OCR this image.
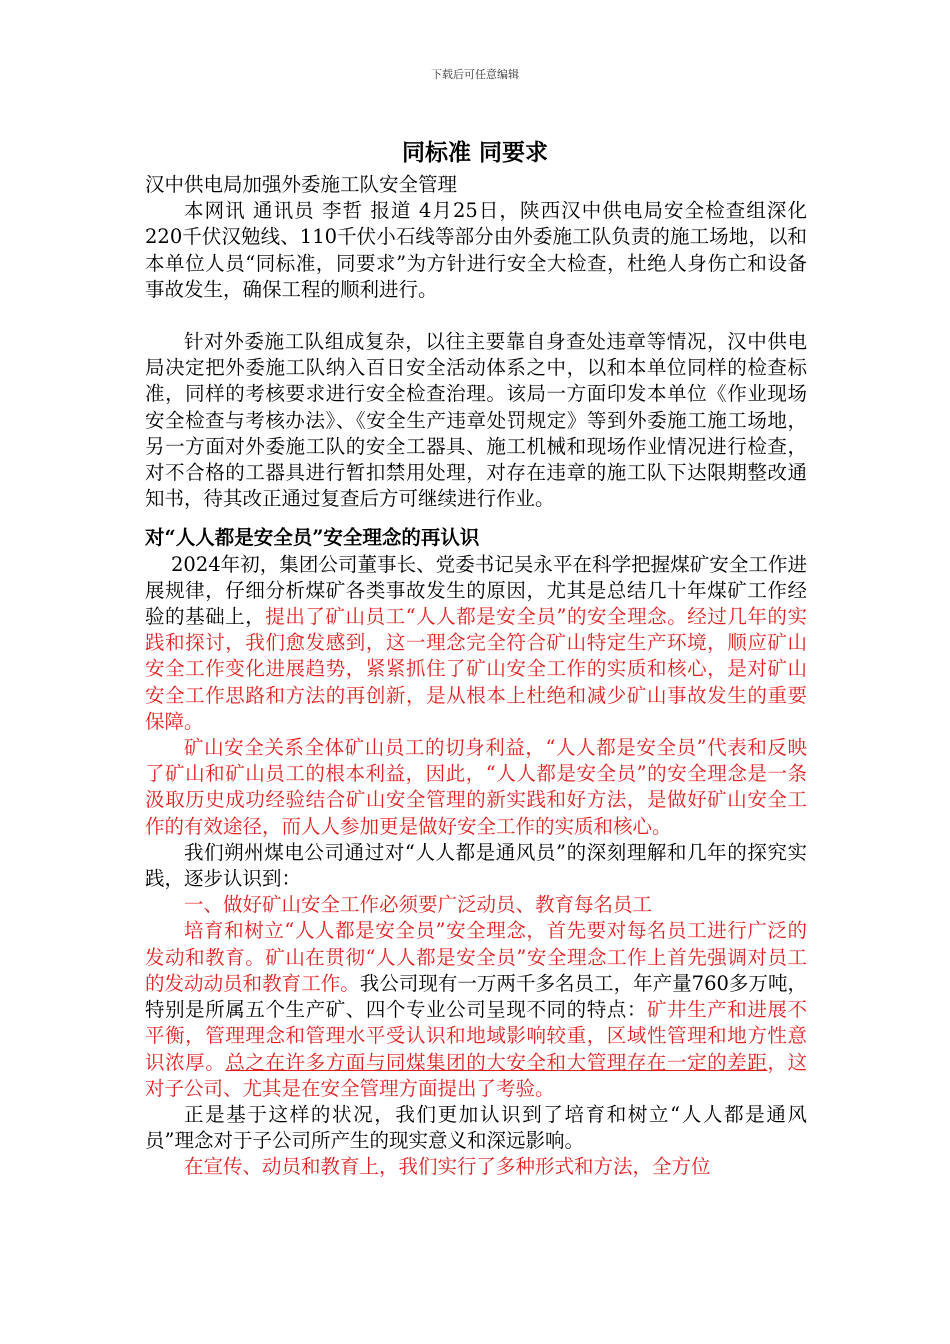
下载后可任意编辑
同标准 同要求

汉中供电局加强外委施工队安全管理

本网讯 通讯员 李哲 报道 4月25日，陕西汉中供电局安全检查组深化220千伏汉勉线、110千伏小石线等部分由外委施工队负责的施工场地，以和本单位人员“同标准，同要求”为方针进行安全大检查，杜绝人身伤亡和设备事故发生，确保工程的顺利进行。

针对外委施工队组成复杂，以往主要靠自身查处违章等情况，汉中供电局决定把外委施工队纳入百日安全活动体系之中，以和本单位同样的检查标准，同样的考核要求进行安全检查治理。该局一方面印发本单位《作业现场安全检查与考核办法》、《安全生产违章处罚规定》等到外委施工施工场地，另一方面对外委施工队的安全工器具、施工机械和现场作业情况进行检查，对不合格的工器具进行暂扣禁用处理，对存在违章的施工队下达限期整改通知书，待其改正通过复查后方可继续进行作业。

对“人人都是安全员”安全理念的再认识

2024年初，集团公司董事长、党委书记吴永平在科学把握煤矿安全工作进展规律，仔细分析煤矿各类事故发生的原因，尤其是总结几十年煤矿工作经验的基础上，提出了矿山员工“人人都是安全员”的安全理念。经过几年的实践和探讨，我们愈发感到，这一理念完全符合矿山特定生产环境，顺应矿山安全工作变化进展趋势，紧紧抓住了矿山安全工作的实质和核心，是对矿山安全工作思路和方法的再创新，是从根本上杜绝和减少矿山事故发生的重要保障。

矿山安全关系全体矿山员工的切身利益，“人人都是安全员”代表和反映了矿山和矿山员工的根本利益，因此，“人人都是安全员”的安全理念是一条汲取历史成功经验结合矿山安全管理的新实践和好方法，是做好矿山安全工作的有效途径，而人人参加更是做好安全工作的实质和核心。

我们朔州煤电公司通过对“人人都是通风员”的深刻理解和几年的探究实践，逐步认识到：

一、做好矿山安全工作必须要广泛动员、教育每名员工

培育和树立“人人都是安全员”安全理念，首先要对每名员工进行广泛的发动和教育。矿山在贯彻“人人都是安全员”安全理念工作上首先强调对员工的发动动员和教育工作。我公司现有一万两千多名员工，年产量760多万吨，特别是所属五个生产矿、四个专业公司呈现不同的特点：矿井生产和进展不平衡，管理理念和管理水平受认识和地域影响较重，区域性管理和地方性意识浓厚。总之在许多方面与同煤集团的大安全和大管理存在一定的差距，这对子公司、尤其是在安全管理方面提出了考验。

正是基于这样的状况，我们更加认识到了培育和树立“人人都是通风员”理念对于子公司所产生的现实意义和深远影响。

在宣传、动员和教育上，我们实行了多种形式和方法，全方位
